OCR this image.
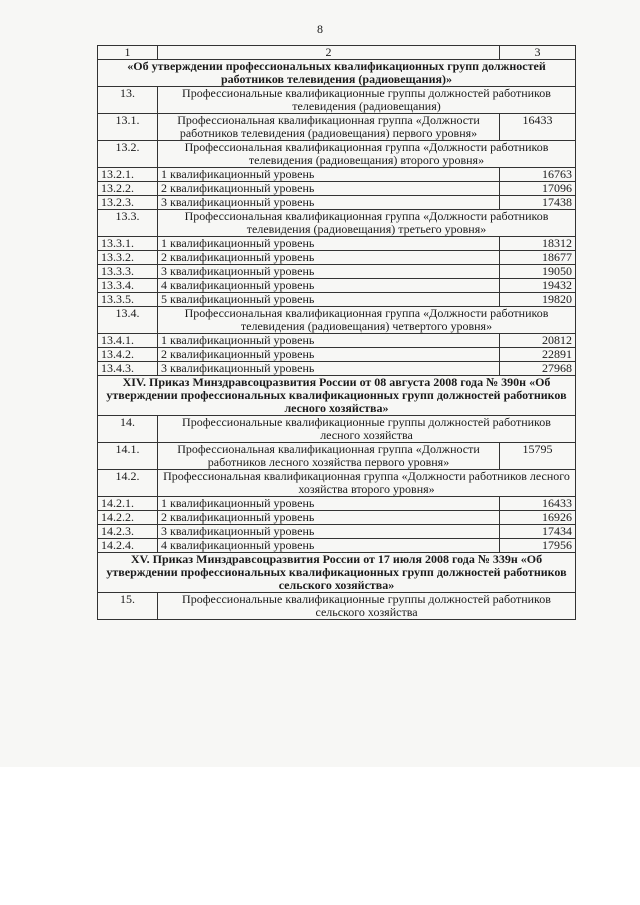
8
1	2	3
«Об утверждении профессиональных квалификационных групп должностей работников телевидения (радиовещания)»		
13.	Профессиональные квалификационные группы должностей работников телевидения (радиовещания)	
13.1.	Профессиональная квалификационная группа «Должности работников телевидения (радиовещания) первого уровня»	16433
13.2.	Профессиональная квалификационная группа «Должности работников телевидения (радиовещания) второго уровня»	
13.2.1.	1 квалификационный уровень	16763
13.2.2.	2 квалификационный уровень	17096
13.2.3.	3 квалификационный уровень	17438
13.3.	Профессиональная квалификационная группа «Должности работников телевидения (радиовещания) третьего уровня»	
13.3.1.	1 квалификационный уровень	18312
13.3.2.	2 квалификационный уровень	18677
13.3.3.	3 квалификационный уровень	19050
13.3.4.	4 квалификационный уровень	19432
13.3.5.	5 квалификационный уровень	19820
13.4.	Профессиональная квалификационная группа «Должности работников телевидения (радиовещания) четвертого уровня»	
13.4.1.	1 квалификационный уровень	20812
13.4.2.	2 квалификационный уровень	22891
13.4.3.	3 квалификационный уровень	27968
XIV. Приказ Минздравсоцразвития России от 08 августа 2008 года № 390н «Об утверждении профессиональных квалификационных групп должностей работников лесного хозяйства»		
14.	Профессиональные квалификационные группы должностей работников лесного хозяйства	
14.1.	Профессиональная квалификационная группа «Должности работников лесного хозяйства первого уровня»	15795
14.2.	Профессиональная квалификационная группа «Должности работников лесного хозяйства второго уровня»	
14.2.1.	1 квалификационный уровень	16433
14.2.2.	2 квалификационный уровень	16926
14.2.3.	3 квалификационный уровень	17434
14.2.4.	4 квалификационный уровень	17956
XV. Приказ Минздравсоцразвития России от 17 июля 2008 года № 339н «Об утверждении профессиональных квалификационных групп должностей работников сельского хозяйства»		
15.	Профессиональные квалификационные группы должностей работников сельского хозяйства	
